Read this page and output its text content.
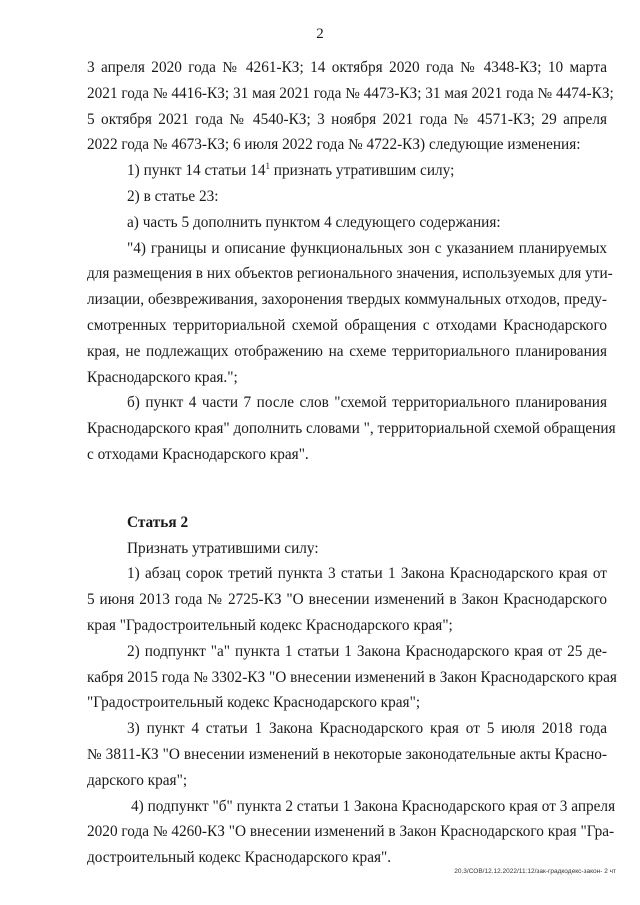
2
3 апреля 2020 года № 4261-КЗ; 14 октября 2020 года № 4348-КЗ; 10 марта
2021 года № 4416-КЗ; 31 мая 2021 года № 4473-КЗ; 31 мая 2021 года № 4474-КЗ;
5 октября 2021 года № 4540-КЗ; 3 ноября 2021 года № 4571-КЗ; 29 апреля
2022 года № 4673-КЗ; 6 июля 2022 года № 4722-КЗ) следующие изменения:
1) пункт 14 статьи $14^1$ признать утратившим силу;
2) в статье 23:
а) часть 5 дополнить пунктом 4 следующего содержания:
"4) границы и описание функциональных зон с указанием планируемых
для размещения в них объектов регионального значения, используемых для ути-
лизации, обезвреживания, захоронения твердых коммунальных отходов, преду-
смотренных территориальной схемой обращения с отходами Краснодарского
края, не подлежащих отображению на схеме территориального планирования
Краснодарского края.";
б) пункт 4 части 7 после слов "схемой территориального планирования
Краснодарского края" дополнить словами ", территориальной схемой обращения
с отходами Краснодарского края".
Статья 2
Признать утратившими силу:
1) абзац сорок третий пункта 3 статьи 1 Закона Краснодарского края от
5 июня 2013 года № 2725-КЗ "О внесении изменений в Закон Краснодарского
края "Градостроительный кодекс Краснодарского края";
2) подпункт "а" пункта 1 статьи 1 Закона Краснодарского края от 25 де-
кабря 2015 года № 3302-КЗ "О внесении изменений в Закон Краснодарского края
"Градостроительный кодекс Краснодарского края";
3) пункт 4 статьи 1 Закона Краснодарского края от 5 июля 2018 года
№ 3811-КЗ "О внесении изменений в некоторые законодательные акты Красно-
дарского края";
4) подпункт "б" пункта 2 статьи 1 Закона Краснодарского края от 3 апреля
2020 года № 4260-КЗ "О внесении изменений в Закон Краснодарского края "Гра-
достроительный кодекс Краснодарского края".
20.3/СОВ/12.12.2022/11:12/зак-градкодекс-закон- 2 чт
